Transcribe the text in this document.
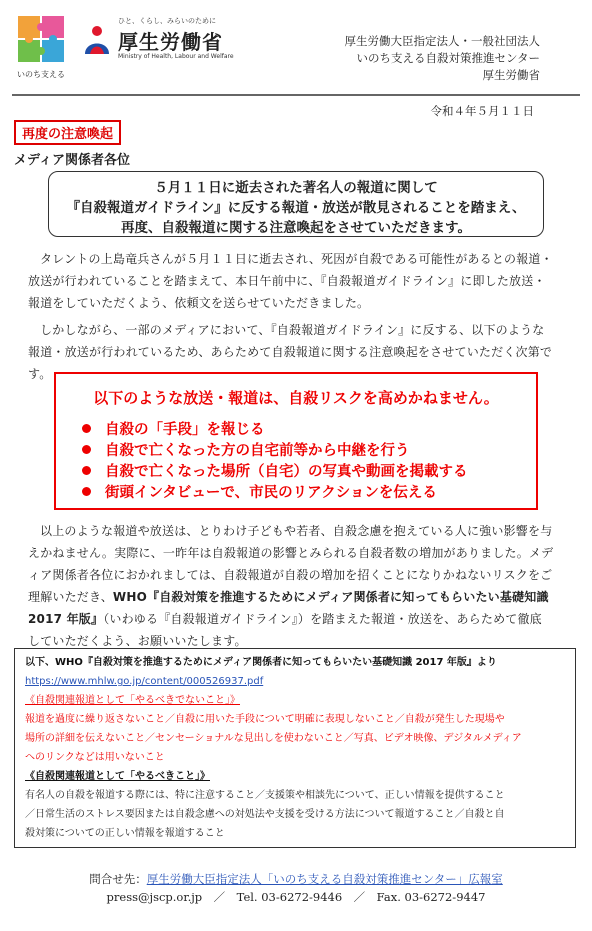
いのち支える
ひと、くらし、みらいのために
厚生労働省
Ministry of Health, Labour and Welfare
厚生労働大臣指定法人・一般社団法人
いのち支える自殺対策推進センター
厚生労働省
令和４年５月１１日
再度の注意喚起
メディア関係者各位
５月１１日に逝去された著名人の報道に関して
『自殺報道ガイドライン』に反する報道・放送が散見されることを踏まえ、
再度、自殺報道に関する注意喚起をさせていただきます。
タレントの上島竜兵さんが５月１１日に逝去され、死因が自殺である可能性があるとの報道・放送が行われていることを踏まえて、本日午前中に、『自殺報道ガイドライン』に即した放送・報道をしていただくよう、依頼文を送らせていただきました。
しかしながら、一部のメディアにおいて、『自殺報道ガイドライン』に反する、以下のような報道・放送が行われているため、あらためて自殺報道に関する注意喚起をさせていただく次第です。
以下のような放送・報道は、自殺リスクを高めかねません。
自殺の「手段」を報じる
自殺で亡くなった方の自宅前等から中継を行う
自殺で亡くなった場所（自宅）の写真や動画を掲載する
街頭インタビューで、市民のリアクションを伝える
以上のような報道や放送は、とりわけ子どもや若者、自殺念慮を抱えている人に強い影響を与えかねません。実際に、一昨年は自殺報道の影響とみられる自殺者数の増加がありました。メディア関係者各位におかれましては、自殺報道が自殺の増加を招くことになりかねないリスクをご理解いただき、WHO『自殺対策を推進するためにメディア関係者に知ってもらいたい基礎知識 2017 年版』（いわゆる『自殺報道ガイドライン』）を踏まえた報道・放送を、あらためて徹底していただくよう、お願いいたします。
以下、WHO『自殺対策を推進するためにメディア関係者に知ってもらいたい基礎知識 2017 年版』より
https://www.mhlw.go.jp/content/000526937.pdf
《自殺関連報道として「やるべきでないこと」》
報道を過度に繰り返さないこと／自殺に用いた手段について明確に表現しないこと／自殺が発生した現場や
場所の詳細を伝えないこと／センセーショナルな見出しを使わないこと／写真、ビデオ映像、デジタルメディア
へのリンクなどは用いないこと
《自殺関連報道として「やるべきこと」》
有名人の自殺を報道する際には、特に注意すること／支援策や相談先について、正しい情報を提供すること
／日常生活のストレス要因または自殺念慮への対処法や支援を受ける方法について報道すること／自殺と自
殺対策についての正しい情報を報道すること
問合せ先：厚生労働大臣指定法人「いのち支える自殺対策推進センター」広報室
press@jscp.or.jp　／　Tel. 03-6272-9446　／　Fax. 03-6272-9447
